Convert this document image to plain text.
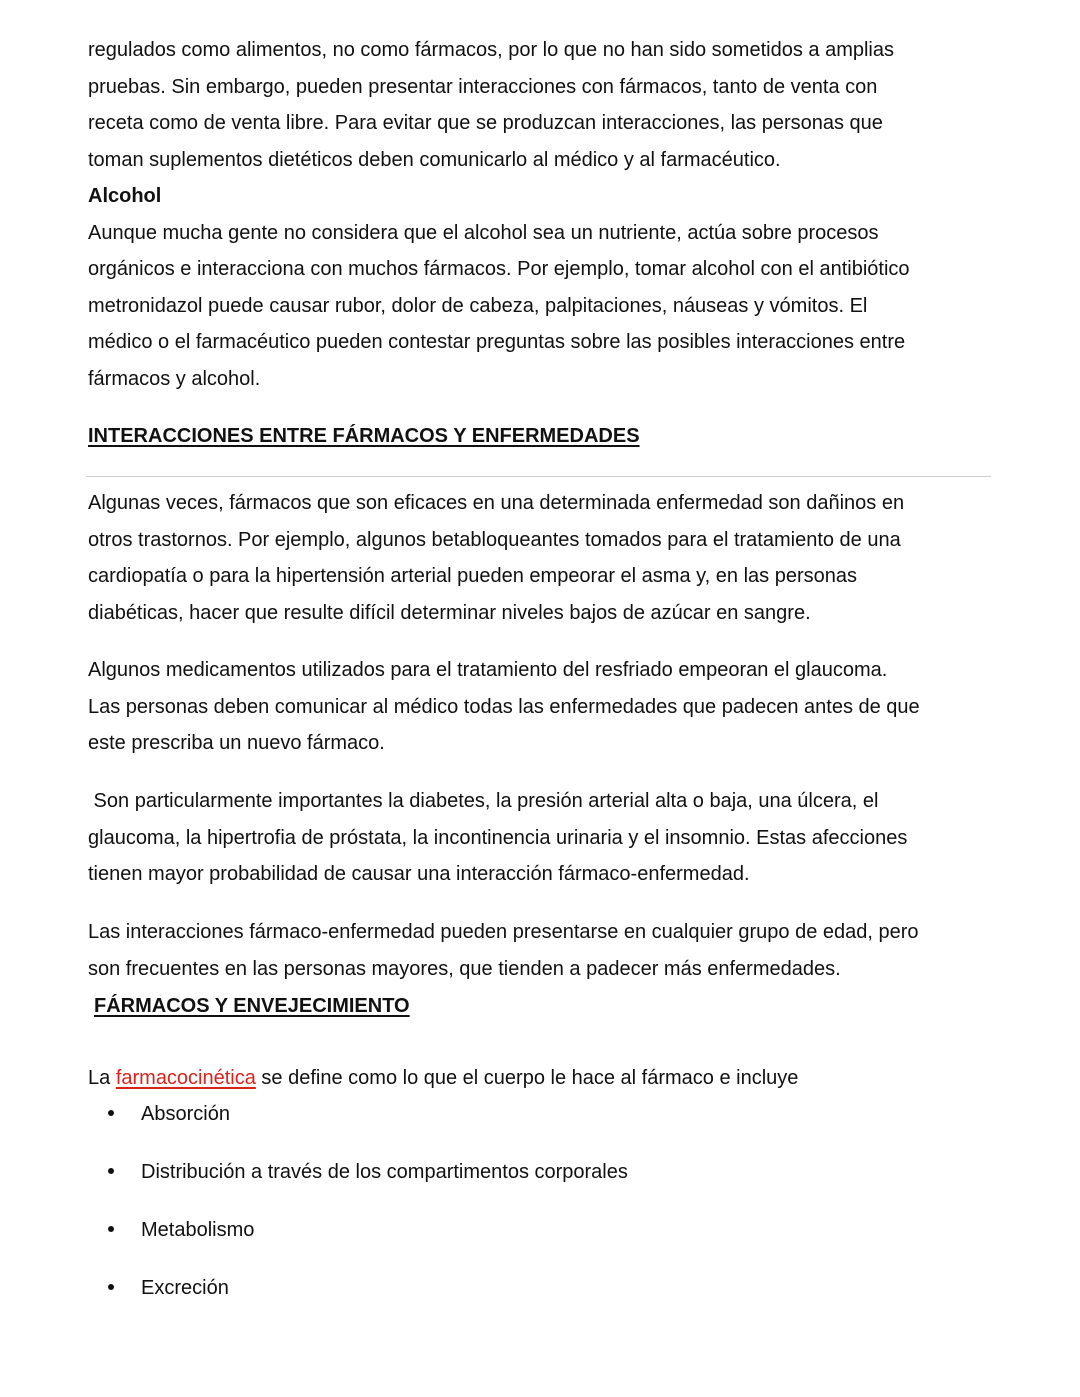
regulados como alimentos, no como fármacos, por lo que no han sido sometidos a amplias
pruebas. Sin embargo, pueden presentar interacciones con fármacos, tanto de venta con
receta como de venta libre. Para evitar que se produzcan interacciones, las personas que
toman suplementos dietéticos deben comunicarlo al médico y al farmacéutico.
Alcohol
Aunque mucha gente no considera que el alcohol sea un nutriente, actúa sobre procesos
orgánicos e interacciona con muchos fármacos. Por ejemplo, tomar alcohol con el antibiótico
metronidazol puede causar rubor, dolor de cabeza, palpitaciones, náuseas y vómitos. El
médico o el farmacéutico pueden contestar preguntas sobre las posibles interacciones entre
fármacos y alcohol.
INTERACCIONES ENTRE FÁRMACOS Y ENFERMEDADES
Algunas veces, fármacos que son eficaces en una determinada enfermedad son dañinos en
otros trastornos. Por ejemplo, algunos betabloqueantes tomados para el tratamiento de una
cardiopatía o para la hipertensión arterial pueden empeorar el asma y, en las personas
diabéticas, hacer que resulte difícil determinar niveles bajos de azúcar en sangre.
Algunos medicamentos utilizados para el tratamiento del resfriado empeoran el glaucoma.
Las personas deben comunicar al médico todas las enfermedades que padecen antes de que
este prescriba un nuevo fármaco.
Son particularmente importantes la diabetes, la presión arterial alta o baja, una úlcera, el
glaucoma, la hipertrofia de próstata, la incontinencia urinaria y el insomnio. Estas afecciones
tienen mayor probabilidad de causar una interacción fármaco-enfermedad.
Las interacciones fármaco-enfermedad pueden presentarse en cualquier grupo de edad, pero
son frecuentes en las personas mayores, que tienden a padecer más enfermedades.
FÁRMACOS Y ENVEJECIMIENTO
La farmacocinética se define como lo que el cuerpo le hace al fármaco e incluye
Absorción
Distribución a través de los compartimentos corporales
Metabolismo
Excreción
